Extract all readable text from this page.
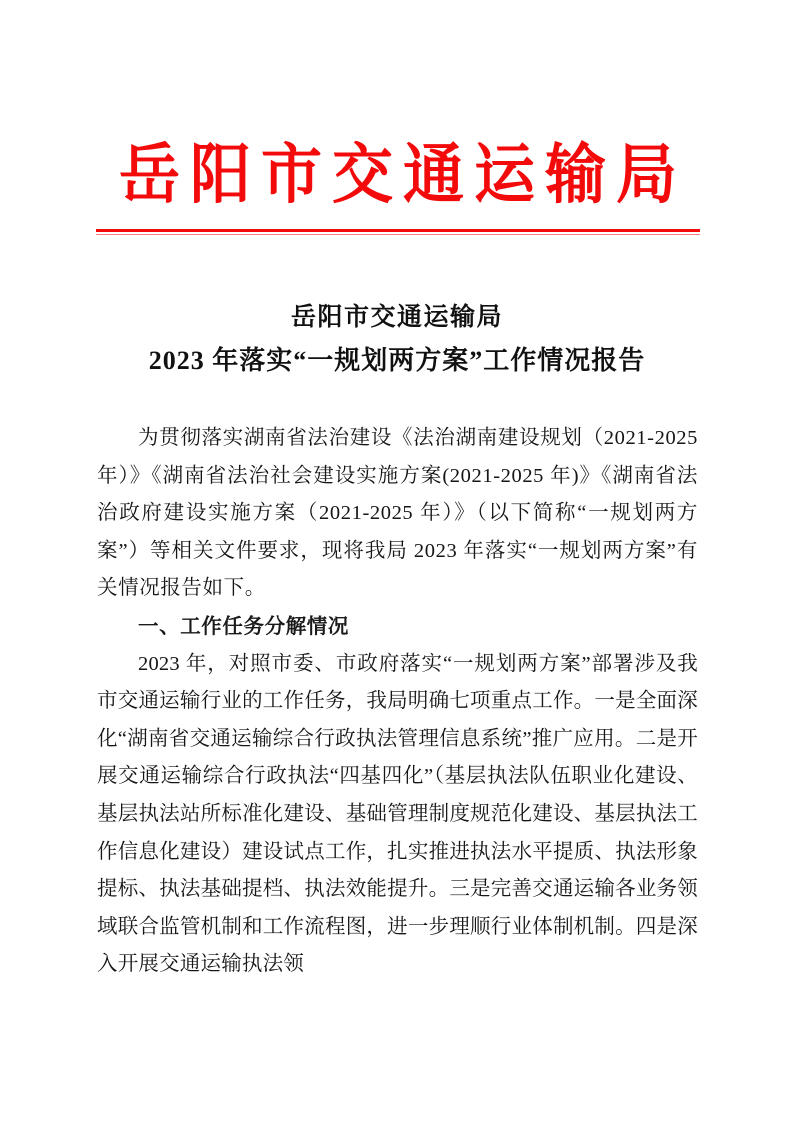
岳阳市交通运输局
岳阳市交通运输局
2023 年落实“一规划两方案”工作情况报告

为贯彻落实湖南省法治建设《法治湖南建设规划（2021-2025 年）》《湖南省法治社会建设实施方案(2021-2025 年)》《湖南省法治政府建设实施方案（2021-2025 年）》（以下简称“一规划两方案”）等相关文件要求，现将我局 2023 年落实“一规划两方案”有关情况报告如下。

一、工作任务分解情况

2023 年，对照市委、市政府落实“一规划两方案”部署涉及我市交通运输行业的工作任务，我局明确七项重点工作。一是全面深化“湖南省交通运输综合行政执法管理信息系统”推广应用。二是开展交通运输综合行政执法“四基四化”（基层执法队伍职业化建设、基层执法站所标准化建设、基础管理制度规范化建设、基层执法工作信息化建设）建设试点工作，扎实推进执法水平提质、执法形象提标、执法基础提档、执法效能提升。三是完善交通运输各业务领域联合监管机制和工作流程图，进一步理顺行业体制机制。四是深入开展交通运输执法领
